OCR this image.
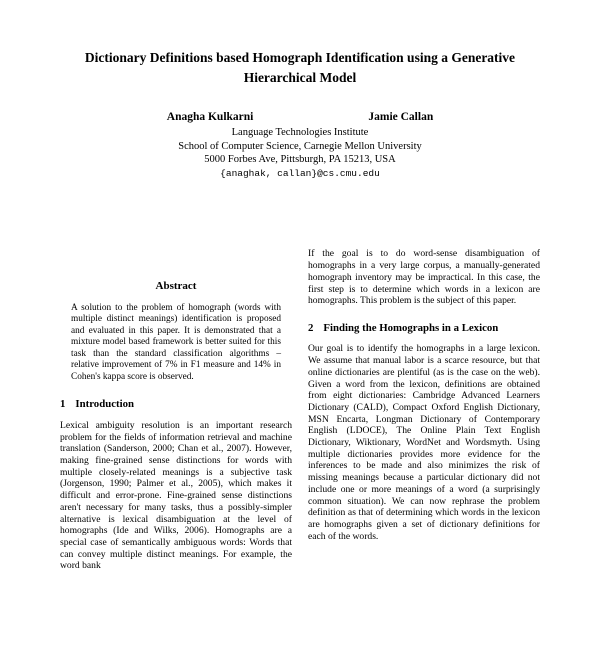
Dictionary Definitions based Homograph Identification using a Generative Hierarchical Model
Anagha Kulkarni	Jamie Callan
Language Technologies Institute
School of Computer Science, Carnegie Mellon University
5000 Forbes Ave, Pittsburgh, PA 15213, USA
{anaghak, callan}@cs.cmu.edu
Abstract

A solution to the problem of homograph (words with multiple distinct meanings) identification is proposed and evaluated in this paper. It is demonstrated that a mixture model based framework is better suited for this task than the standard classification algorithms – relative improvement of 7% in F1 measure and 14% in Cohen's kappa score is observed.

1 Introduction

Lexical ambiguity resolution is an important research problem for the fields of information retrieval and machine translation (Sanderson, 2000; Chan et al., 2007). However, making fine-grained sense distinctions for words with multiple closely-related meanings is a subjective task (Jorgenson, 1990; Palmer et al., 2005), which makes it difficult and error-prone. Fine-grained sense distinctions aren't necessary for many tasks, thus a possibly-simpler alternative is lexical disambiguation at the level of homographs (Ide and Wilks, 2006). Homographs are a special case of semantically ambiguous words: Words that can convey multiple distinct meanings. For example, the word bank

If the goal is to do word-sense disambiguation of homographs in a very large corpus, a manually-generated homograph inventory may be impractical. In this case, the first step is to determine which words in a lexicon are homographs. This problem is the subject of this paper.

2 Finding the Homographs in a Lexicon

Our goal is to identify the homographs in a large lexicon. We assume that manual labor is a scarce resource, but that online dictionaries are plentiful (as is the case on the web). Given a word from the lexicon, definitions are obtained from eight dictionaries: Cambridge Advanced Learners Dictionary (CALD), Compact Oxford English Dictionary, MSN Encarta, Longman Dictionary of Contemporary English (LDOCE), The Online Plain Text English Dictionary, Wiktionary, WordNet and Wordsmyth. Using multiple dictionaries provides more evidence for the inferences to be made and also minimizes the risk of missing meanings because a particular dictionary did not include one or more meanings of a word (a surprisingly common situation). We can now rephrase the problem definition as that of determining which words in the lexicon are homographs given a set of dictionary definitions for each of the words.
